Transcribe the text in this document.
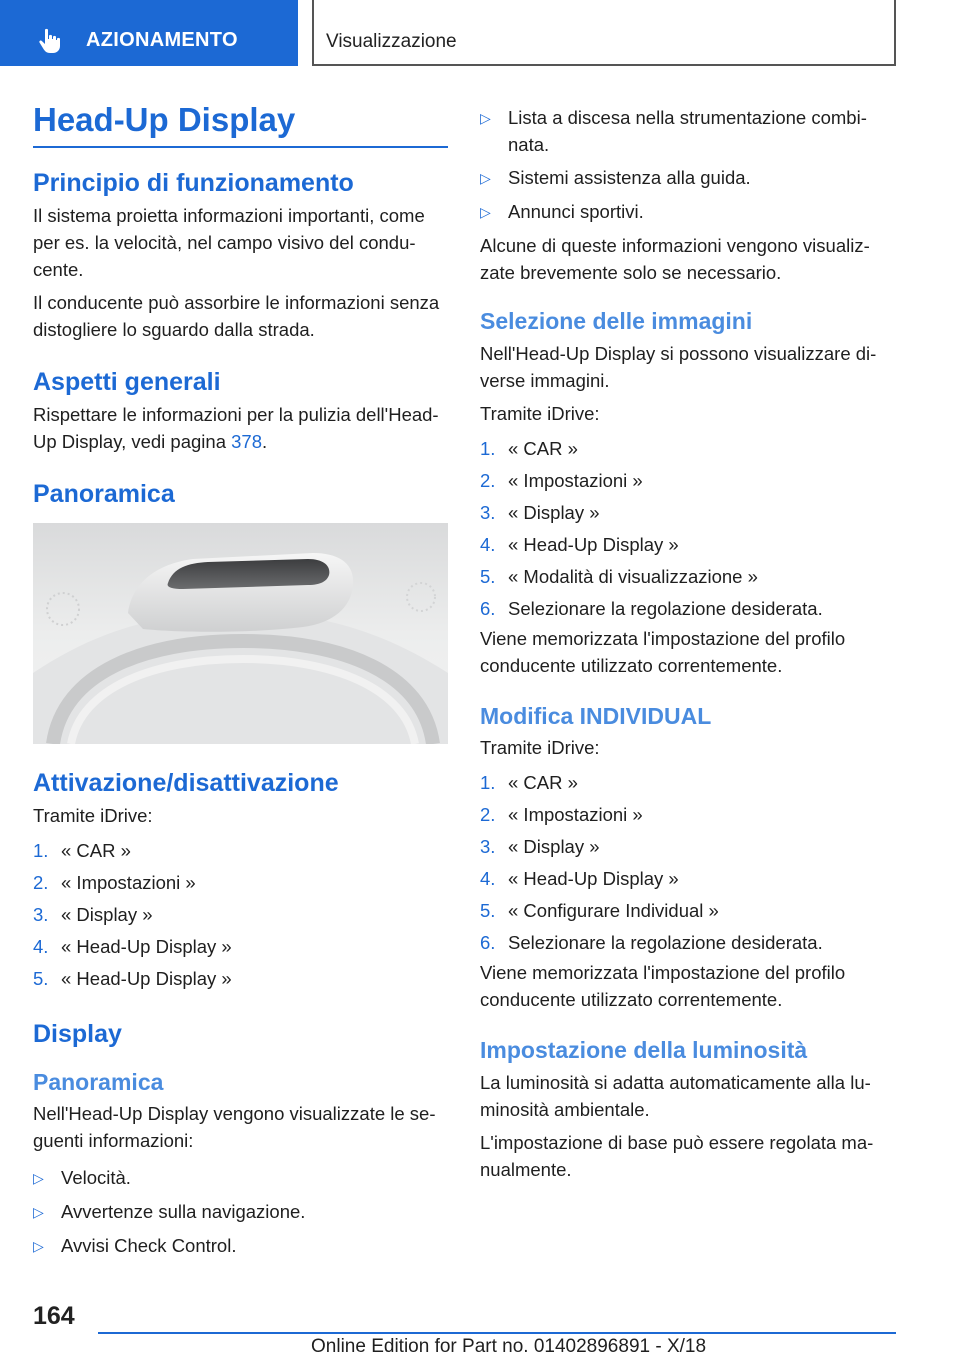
AZIONAMENTO	Visualizzazione
Head-Up Display
Principio di funzionamento

Il sistema proietta informazioni importanti, come per es. la velocità, nel campo visivo del conducente.

Il conducente può assorbire le informazioni senza distogliere lo sguardo dalla strada.

Aspetti generali

Rispettare le informazioni per la pulizia dell'Head-Up Display, vedi pagina 378.

Panoramica
Attivazione/disattivazione

Tramite iDrive:

1. « CAR »
2. « Impostazioni »
3. « Display »
4. « Head-Up Display »
5. « Head-Up Display »
Display
Panoramica

Nell'Head-Up Display vengono visualizzate le seguenti informazioni:

▷ Velocità.
▷ Avvertenze sulla navigazione.
▷ Avvisi Check Control.
▷ Lista a discesa nella strumentazione combinata.
▷ Sistemi assistenza alla guida.
▷ Annunci sportivi.

Alcune di queste informazioni vengono visualizzate brevemente solo se necessario.

Selezione delle immagini

Nell'Head-Up Display si possono visualizzare diverse immagini.

Tramite iDrive:

1. « CAR »
2. « Impostazioni »
3. « Display »
4. « Head-Up Display »
5. « Modalità di visualizzazione »
6. Selezionare la regolazione desiderata.

Viene memorizzata l'impostazione del profilo conducente utilizzato correntemente.

Modifica INDIVIDUAL

Tramite iDrive:

1. « CAR »
2. « Impostazioni »
3. « Display »
4. « Head-Up Display »
5. « Configurare Individual »
6. Selezionare la regolazione desiderata.

Viene memorizzata l'impostazione del profilo conducente utilizzato correntemente.

Impostazione della luminosità

La luminosità si adatta automaticamente alla luminosità ambientale.

L'impostazione di base può essere regolata manualmente.

164
Online Edition for Part no. 01402896891 - X/18
